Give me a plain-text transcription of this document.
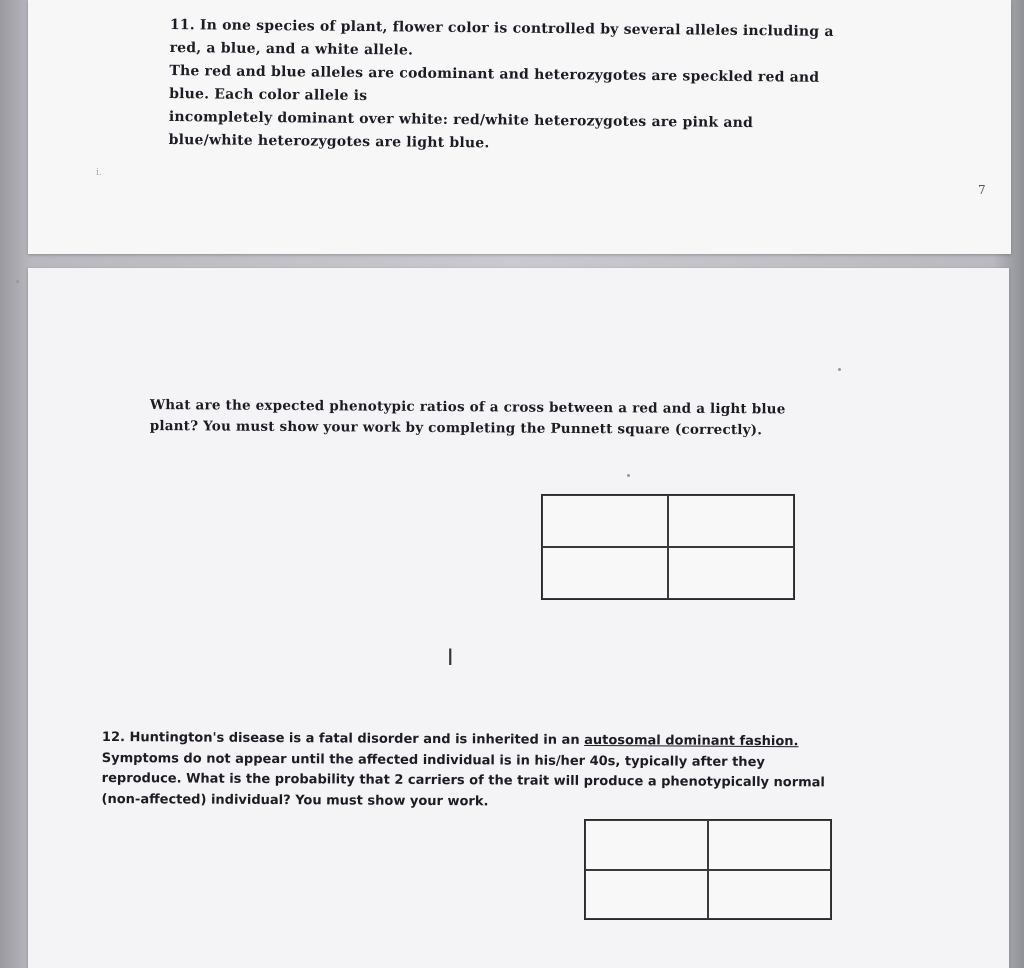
i.

11. In one species of plant, flower color is controlled by several alleles including a

red, a blue, and a white allele.

The red and blue alleles are codominant and heterozygotes are speckled red and

blue. Each color allele is

incompletely dominant over white: red/white heterozygotes are pink and

blue/white heterozygotes are light blue.

7

What are the expected phenotypic ratios of a cross between a red and a light blue

plant? You must show your work by completing the Punnett square (correctly).

I

12. Huntington's disease is a fatal disorder and is inherited in an autosomal dominant fashion.

Symptoms do not appear until the affected individual is in his/her 40s, typically after they

reproduce. What is the probability that 2 carriers of the trait will produce a phenotypically normal

(non-affected) individual? You must show your work.
